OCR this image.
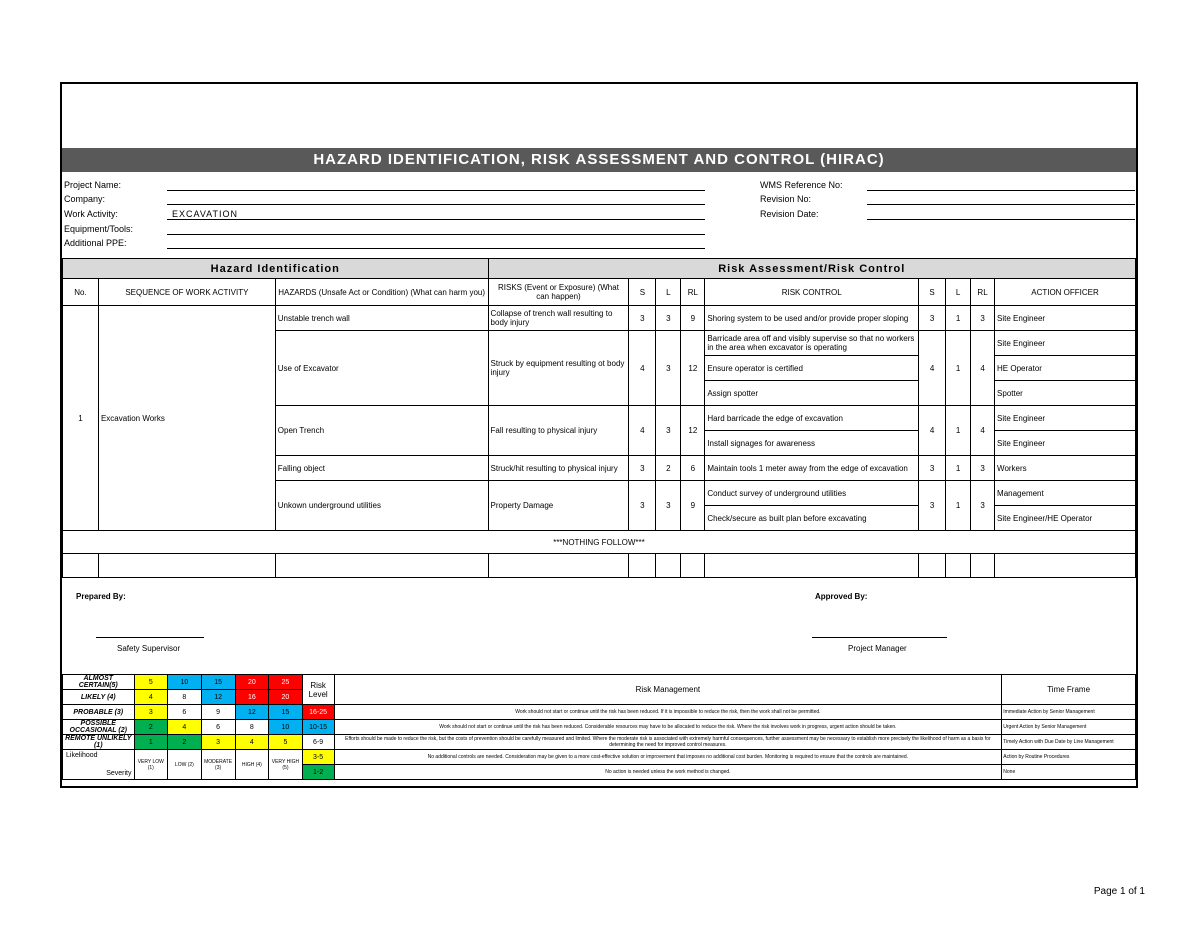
HAZARD IDENTIFICATION, RISK ASSESSMENT AND CONTROL (HIRAC)
Project Name:
Company:
Work Activity:	EXCAVATION
Equipment/Tools:
Additional PPE:
WMS Reference No:
Revision No:
Revision Date:
Hazard Identification			Risk Assessment/Risk Control								
No.	SEQUENCE OF WORK ACTIVITY	HAZARDS (Unsafe Act or Condition) (What can harm you)	RISKS (Event or Exposure) (What can happen)	S	L	RL	RISK CONTROL	S	L	RL	ACTION OFFICER
1	Excavation Works	Unstable trench wall	Collapse of trench wall resulting to body injury	3	3	9	Shoring system to be used and/or provide proper sloping	3	1	3	Site Engineer
		Use of Excavator	Struck by equipment resulting ot body injury	4	3	12	Barricade area off and visibly supervise so that no workers in the area when excavator is operating	4	1	4	Site Engineer
							Ensure operator is certified				HE Operator
							Assign spotter				Spotter
		Open Trench	Fall resulting to physical injury	4	3	12	Hard barricade the edge of excavation	4	1	4	Site Engineer
							Install signages for awareness				Site Engineer
		Falling object	Struck/hit resulting to physical injury	3	2	6	Maintain tools 1 meter away from the edge of excavation	3	1	3	Workers
		Unkown underground utilities	Property Damage	3	3	9	Conduct survey of underground utilities	3	1	3	Management
							Check/secure as built plan before excavating				Site Engineer/HE Operator
***NOTHING FOLLOW***											

Prepared By:
Safety Supervisor
Approved By:
Project Manager
ALMOST CERTAIN(5)	5	10	15	20	25	Risk Level	Risk Management	Time Frame
LIKELY (4)	4	8	12	16	20			
PROBABLE (3)	3	6	9	12	15	16-25	Work should not start or continue until the risk has been reduced. If it is impossible to reduce the risk, then the work shall not be permitted.	Immediate Action by Senior Management
POSSIBLE OCCASIONAL (2)	2	4	6	8	10	10-15	Work should not start or continue until the risk has been reduced. Considerable resources may have to be allocated to reduce the risk. Where the risk involves work in progress, urgent action should be taken.	Urgent Action by Senior Management
REMOTE UNLIKELY (1)	1	2	3	4	5	6-9	Efforts should be made to reduce the risk, but the costs of prevention should be carefully measured and limited. Where the moderate risk is associated with extremely harmful consequences, further assessment may be necessary to establish more precisely the likelihood of harm as a basis for determining the need for improved control measures.	Timely Action with Due Date by Line Management

Likelihood
Severity	VERY LOW (1)	LOW (2)	MODERATE (3)	HIGH (4)	VERY HIGH (5)	3-5	No additional controls are needed. Consideration may be given to a more cost-effective solution or improvement that imposes no additional cost burden. Monitoring is required to ensure that the controls are maintained.	Action by Routine Procedures
						1-2	No action is needed unless the work method is changed.	None
Page 1 of 1
